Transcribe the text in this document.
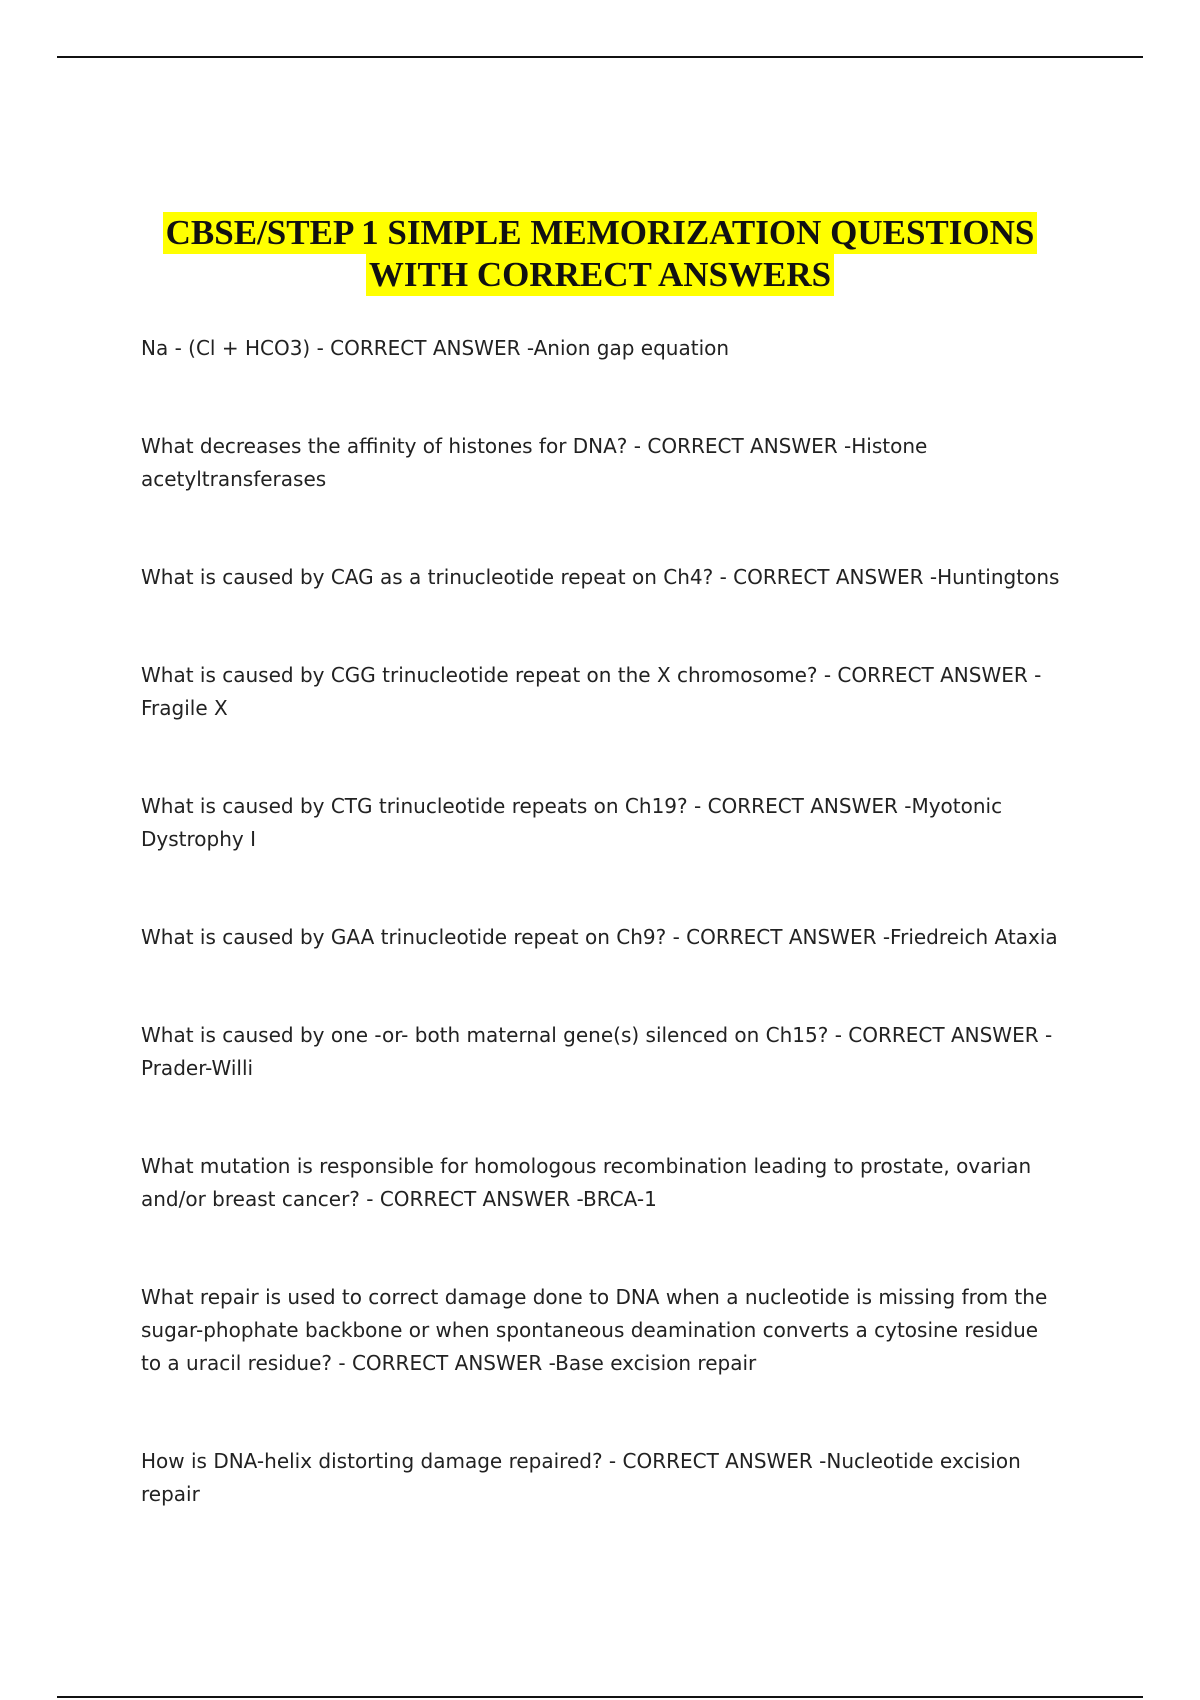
CBSE/STEP 1 SIMPLE MEMORIZATION QUESTIONS
WITH CORRECT ANSWERS

Na - (Cl + HCO3) - CORRECT ANSWER -Anion gap equation

What decreases the affinity of histones for DNA? - CORRECT ANSWER -Histone acetyltransferases

What is caused by CAG as a trinucleotide repeat on Ch4? - CORRECT ANSWER -Huntingtons

What is caused by CGG trinucleotide repeat on the X chromosome? - CORRECT ANSWER -Fragile X

What is caused by CTG trinucleotide repeats on Ch19? - CORRECT ANSWER -Myotonic Dystrophy I

What is caused by GAA trinucleotide repeat on Ch9? - CORRECT ANSWER -Friedreich Ataxia

What is caused by one -or- both maternal gene(s) silenced on Ch15? - CORRECT ANSWER - Prader-Willi

What mutation is responsible for homologous recombination leading to prostate, ovarian and/or breast cancer? - CORRECT ANSWER -BRCA-1

What repair is used to correct damage done to DNA when a nucleotide is missing from the sugar-phophate backbone or when spontaneous deamination converts a cytosine residue to a uracil residue? - CORRECT ANSWER -Base excision repair

How is DNA-helix distorting damage repaired? - CORRECT ANSWER -Nucleotide excision repair
